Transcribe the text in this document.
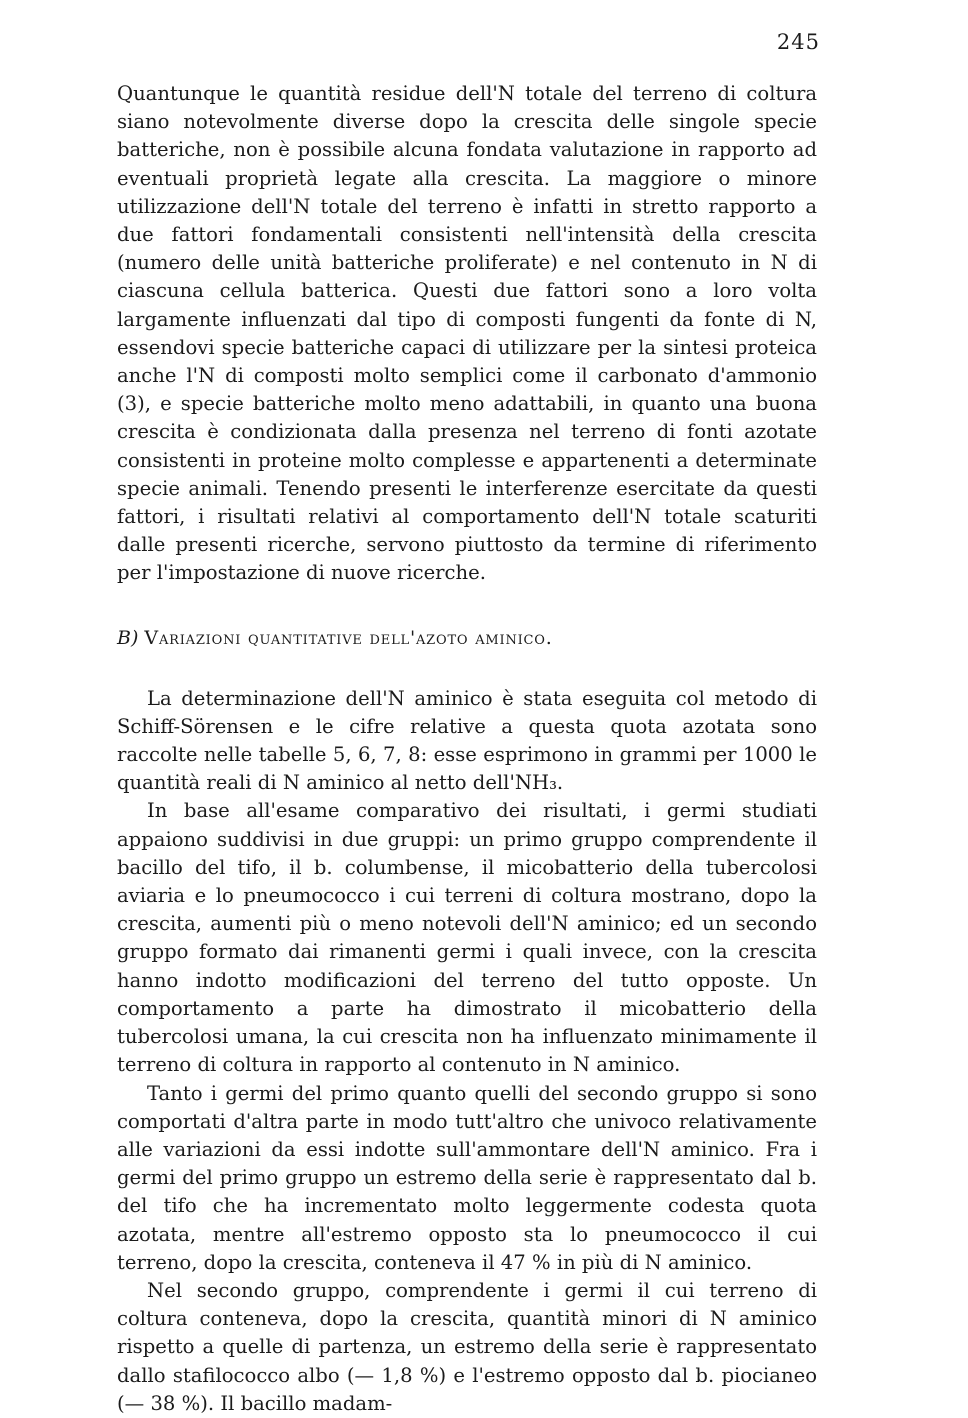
245

Quantunque le quantità residue dell'N totale del terreno di coltura siano notevolmente diverse dopo la crescita delle singole specie batteriche, non è possibile alcuna fondata valutazione in rapporto ad eventuali proprietà legate alla crescita. La maggiore o minore utilizzazione dell'N totale del terreno è infatti in stretto rapporto a due fattori fondamentali consistenti nell'intensità della crescita (numero delle unità batteriche proliferate) e nel contenuto in N di ciascuna cellula batterica. Questi due fattori sono a loro volta largamente influenzati dal tipo di composti fungenti da fonte di N, essendovi specie batteriche capaci di utilizzare per la sintesi proteica anche l'N di composti molto semplici come il carbonato d'ammonio (3), e specie batteriche molto meno adattabili, in quanto una buona crescita è condizionata dalla presenza nel terreno di fonti azotate consistenti in proteine molto complesse e appartenenti a determinate specie animali. Tenendo presenti le interferenze esercitate da questi fattori, i risultati relativi al comportamento dell'N totale scaturiti dalle presenti ricerche, servono piuttosto da termine di riferimento per l'impostazione di nuove ricerche.

B) Variazioni quantitative dell'azoto aminico.

La determinazione dell'N aminico è stata eseguita col metodo di Schiff-Sörensen e le cifre relative a questa quota azotata sono raccolte nelle tabelle 5, 6, 7, 8: esse esprimono in grammi per 1000 le quantità reali di N aminico al netto dell'NH₃.

In base all'esame comparativo dei risultati, i germi studiati appaiono suddivisi in due gruppi: un primo gruppo comprendente il bacillo del tifo, il b. columbense, il micobatterio della tubercolosi aviaria e lo pneumococco i cui terreni di coltura mostrano, dopo la crescita, aumenti più o meno notevoli dell'N aminico; ed un secondo gruppo formato dai rimanenti germi i quali invece, con la crescita hanno indotto modificazioni del terreno del tutto opposte. Un comportamento a parte ha dimostrato il micobatterio della tubercolosi umana, la cui crescita non ha influenzato minimamente il terreno di coltura in rapporto al contenuto in N aminico.

Tanto i germi del primo quanto quelli del secondo gruppo si sono comportati d'altra parte in modo tutt'altro che univoco relativamente alle variazioni da essi indotte sull'ammontare dell'N aminico. Fra i germi del primo gruppo un estremo della serie è rappresentato dal b. del tifo che ha incrementato molto leggermente codesta quota azotata, mentre all'estremo opposto sta lo pneumococco il cui terreno, dopo la crescita, conteneva il 47 % in più di N aminico.

Nel secondo gruppo, comprendente i germi il cui terreno di coltura conteneva, dopo la crescita, quantità minori di N aminico rispetto a quelle di partenza, un estremo della serie è rappresentato dallo stafilococco albo (— 1,8 %) e l'estremo opposto dal b. piocianeo (— 38 %). Il bacillo madam-
